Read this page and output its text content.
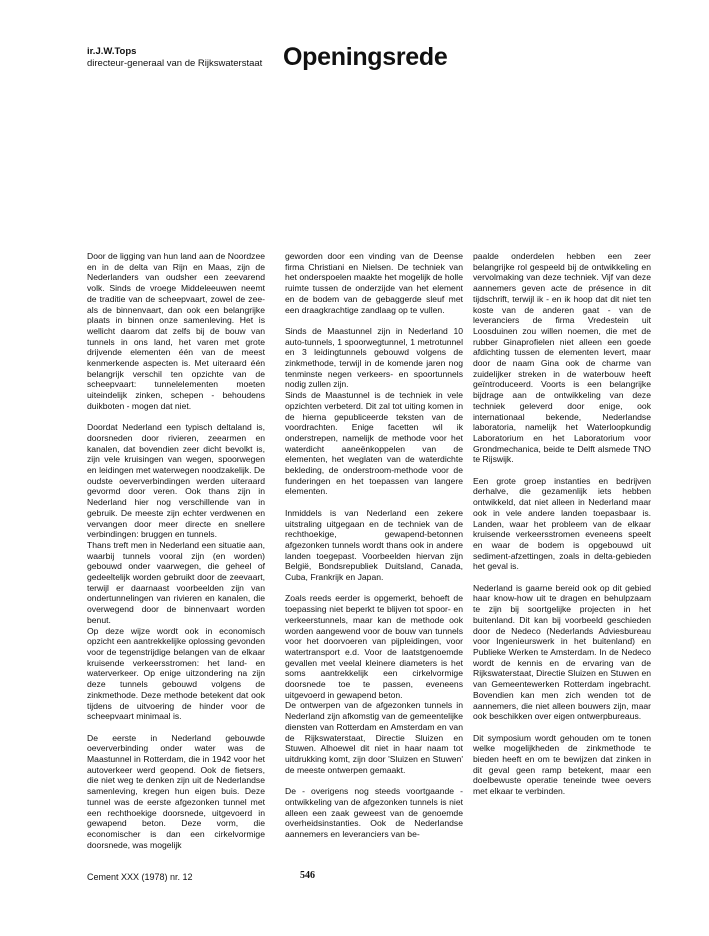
ir.J.W.Tops
directeur-generaal van de Rijkswaterstaat Openingsrede

Door de ligging van hun land aan de Noordzee en in de delta van Rijn en Maas, zijn de Nederlanders van oudsher een zeevarend volk. Sinds de vroege Middeleeuwen neemt de traditie van de scheepvaart, zowel de zee- als de binnenvaart, dan ook een belangrijke plaats in binnen onze samenleving. Het is wellicht daarom dat zelfs bij de bouw van tunnels in ons land, het varen met grote drijvende elementen één van de meest kenmerkende aspecten is. Met uiteraard één belangrijk verschil ten opzichte van de scheepvaart: tunnelelementen moeten uiteindelijk zinken, schepen - behoudens duikboten - mogen dat niet.

Doordat Nederland een typisch deltaland is, doorsneden door rivieren, zeearmen en kanalen, dat bovendien zeer dicht bevolkt is, zijn vele kruisingen van wegen, spoorwegen en leidingen met waterwegen noodzakelijk. De oudste oeververbindingen werden uiteraard gevormd door veren. Ook thans zijn in Nederland hier nog verschillende van in gebruik. De meeste zijn echter verdwenen en vervangen door meer directe en snellere verbindingen: bruggen en tunnels.
Thans treft men in Nederland een situatie aan, waarbij tunnels vooral zijn (en worden) gebouwd onder vaarwegen, die geheel of gedeeltelijk worden gebruikt door de zeevaart, terwijl er daarnaast voorbeelden zijn van ondertunnelingen van rivieren en kanalen, die overwegend door de binnenvaart worden benut.
Op deze wijze wordt ook in economisch opzicht een aantrekkelijke oplossing gevonden voor de tegenstrijdige belangen van de elkaar kruisende verkeersstromen: het land- en waterverkeer. Op enige uitzondering na zijn deze tunnels gebouwd volgens de zinkmethode. Deze methode betekent dat ook tijdens de uitvoering de hinder voor de scheepvaart minimaal is.

De eerste in Nederland gebouwde oeververbinding onder water was de Maastunnel in Rotterdam, die in 1942 voor het autoverkeer werd geopend. Ook de fietsers, die niet weg te denken zijn uit de Nederlandse samenleving, kregen hun eigen buis. Deze tunnel was de eerste afgezonken tunnel met een rechthoekige doorsnede, uitgevoerd in gewapend beton. Deze vorm, die economischer is dan een cirkelvormige doorsnede, was mogelijk

geworden door een vinding van de Deense firma Christiani en Nielsen. De techniek van het onderspoelen maakte het mogelijk de holle ruimte tussen de onderzijde van het element en de bodem van de gebaggerde sleuf met een draagkrachtige zandlaag op te vullen.

Sinds de Maastunnel zijn in Nederland 10 auto-tunnels, 1 spoorwegtunnel, 1 metrotunnel en 3 leidingtunnels gebouwd volgens de zinkmethode, terwijl in de komende jaren nog tenminste negen verkeers- en spoortunnels nodig zullen zijn.
Sinds de Maastunnel is de techniek in vele opzichten verbeterd. Dit zal tot uiting komen in de hierna gepubliceerde teksten van de voordrachten. Enige facetten wil ik onderstrepen, namelijk de methode voor het waterdicht aaneënkoppelen van de elementen, het weglaten van de waterdichte bekleding, de onderstroom-methode voor de funderingen en het toepassen van langere elementen.

Inmiddels is van Nederland een zekere uitstraling uitgegaan en de techniek van de rechthoekige, gewapend-betonnen afgezonken tunnels wordt thans ook in andere landen toegepast. Voorbeelden hiervan zijn België, Bondsrepubliek Duitsland, Canada, Cuba, Frankrijk en Japan.

Zoals reeds eerder is opgemerkt, behoeft de toepassing niet beperkt te blijven tot spoor- en verkeerstunnels, maar kan de methode ook worden aangewend voor de bouw van tunnels voor het doorvoeren van pijpleidingen, voor watertransport e.d. Voor de laatstgenoemde gevallen met veelal kleinere diameters is het soms aantrekkelijk een cirkelvormige doorsnede toe te passen, eveneens uitgevoerd in gewapend beton.
De ontwerpen van de afgezonken tunnels in Nederland zijn afkomstig van de gemeentelijke diensten van Rotterdam en Amsterdam en van de Rijkswaterstaat, Directie Sluizen en Stuwen. Alhoewel dit niet in haar naam tot uitdrukking komt, zijn door 'Sluizen en Stuwen' de meeste ontwerpen gemaakt.

De - overigens nog steeds voortgaande - ontwikkeling van de afgezonken tunnels is niet alleen een zaak geweest van de genoemde overheidsinstanties. Ook de Nederlandse aannemers en leveranciers van be-

paalde onderdelen hebben een zeer belangrijke rol gespeeld bij de ontwikkeling en vervolmaking van deze techniek. Vijf van deze aannemers geven acte de présence in dit tijdschrift, terwijl ik - en ik hoop dat dit niet ten koste van de anderen gaat - van de leveranciers de firma Vredestein uit Loosduinen zou willen noemen, die met de rubber Ginaprofielen niet alleen een goede afdichting tussen de elementen levert, maar door de naam Gina ook de charme van zuidelijker streken in de waterbouw heeft geïntroduceerd. Voorts is een belangrijke bijdrage aan de ontwikkeling van deze techniek geleverd door enige, ook internationaal bekende, Nederlandse laboratoria, namelijk het Waterloopkundig Laboratorium en het Laboratorium voor Grondmechanica, beide te Delft alsmede TNO te Rijswijk.

Een grote groep instanties en bedrijven derhalve, die gezamenlijk iets hebben ontwikkeld, dat niet alleen in Nederland maar ook in vele andere landen toepasbaar is. Landen, waar het probleem van de elkaar kruisende verkeersstromen eveneens speelt en waar de bodem is opgebouwd uit sediment-afzettingen, zoals in delta-gebieden het geval is.

Nederland is gaarne bereid ook op dit gebied haar know-how uit te dragen en behulpzaam te zijn bij soortgelijke projecten in het buitenland. Dit kan bij voorbeeld geschieden door de Nedeco (Nederlands Adviesbureau voor Ingenieurswerk in het buitenland) en Publieke Werken te Amsterdam. In de Nedeco wordt de kennis en de ervaring van de Rijkswaterstaat, Directie Sluizen en Stuwen en van Gemeentewerken Rotterdam ingebracht. Bovendien kan men zich wenden tot de aannemers, die niet alleen bouwers zijn, maar ook beschikken over eigen ontwerpbureaus.

Dit symposium wordt gehouden om te tonen welke mogelijkheden de zinkmethode te bieden heeft en om te bewijzen dat zinken in dit geval geen ramp betekent, maar een doelbewuste operatie teneinde twee oevers met elkaar te verbinden.

Cement XXX (1978) nr. 12	546
